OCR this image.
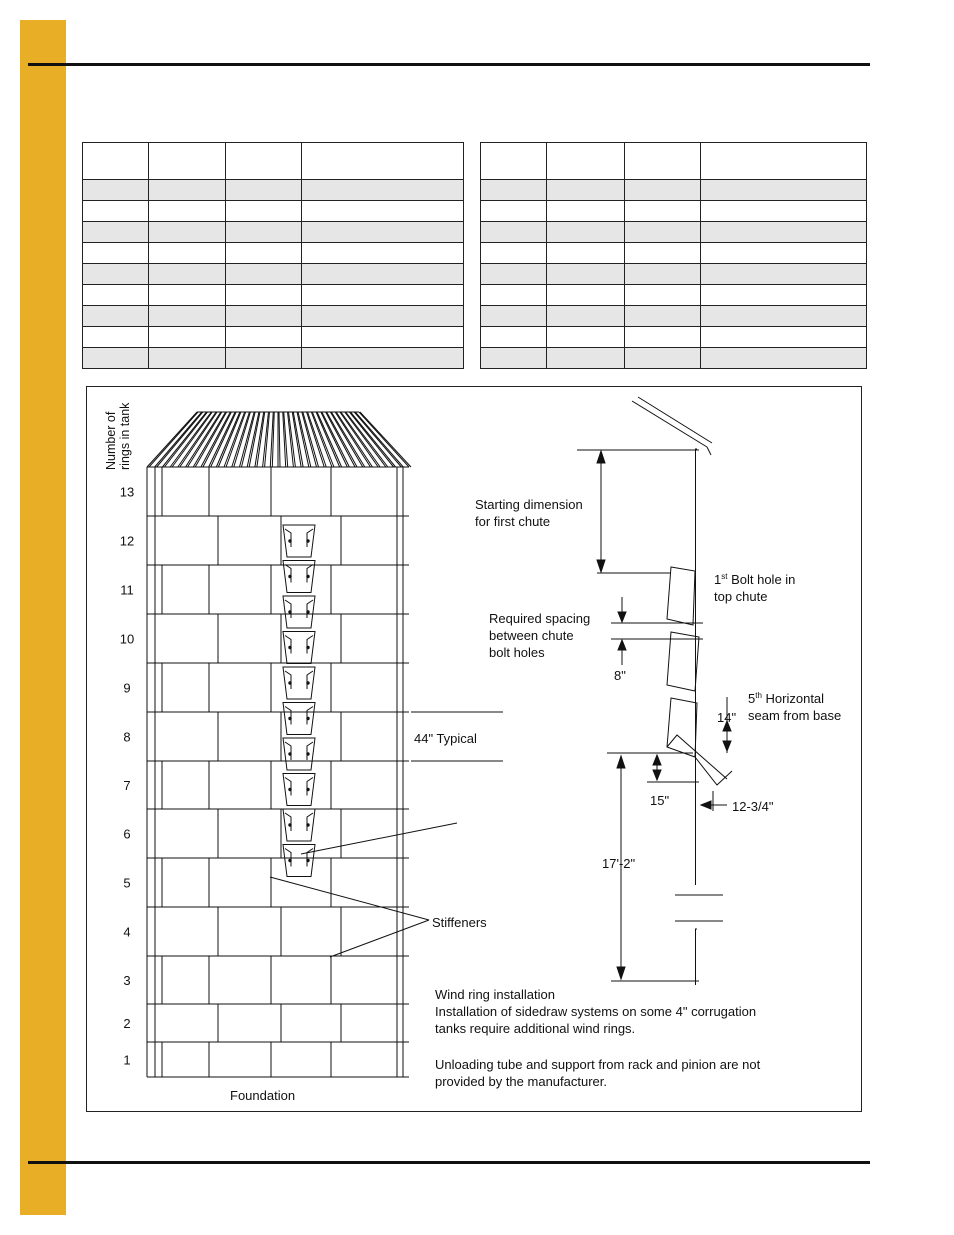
13
12
11
10
9
8
7
6
5
4
3
2
1
Number of rings in tank
Foundation
Stiffeners
44" Typical
Starting dimension
for first chute
1st Bolt hole in
top chute
Required spacing
between chute
bolt holes
8"
5th Horizontal
seam from base
14"
15"	12-3/4"
17'-2"
Wind ring installation
Installation of sidedraw systems on some 4" corrugation
tanks require additional wind rings.
Unloading tube and support from rack and pinion are not
provided by the manufacturer.
